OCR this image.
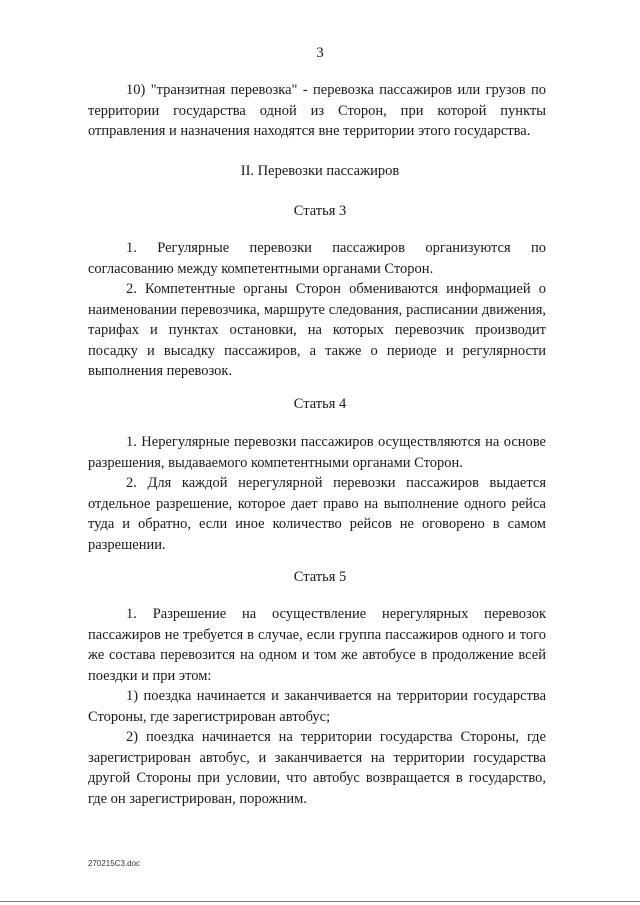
3
10) "транзитная перевозка" - перевозка пассажиров или грузов по территории государства одной из Сторон, при которой пункты отправления и назначения находятся вне территории этого государства.
II. Перевозки пассажиров
Статья 3
1. Регулярные перевозки пассажиров организуются по согласованию между компетентными органами Сторон.
2. Компетентные органы Сторон обмениваются информацией о наименовании перевозчика, маршруте следования, расписании движения, тарифах и пунктах остановки, на которых перевозчик производит посадку и высадку пассажиров, а также о периоде и регулярности выполнения перевозок.
Статья 4
1. Нерегулярные перевозки пассажиров осуществляются на основе разрешения, выдаваемого компетентными органами Сторон.
2. Для каждой нерегулярной перевозки пассажиров выдается отдельное разрешение, которое дает право на выполнение одного рейса туда и обратно, если иное количество рейсов не оговорено в самом разрешении.
Статья 5
1. Разрешение на осуществление нерегулярных перевозок пассажиров не требуется в случае, если группа пассажиров одного и того же состава перевозится на одном и том же автобусе в продолжение всей поездки и при этом:
1) поездка начинается и заканчивается на территории государства Стороны, где зарегистрирован автобус;
2) поездка начинается на территории государства Стороны, где зарегистрирован автобус, и заканчивается на территории государства другой Стороны при условии, что автобус возвращается в государство, где он зарегистрирован, порожним.
270215C3.doc
